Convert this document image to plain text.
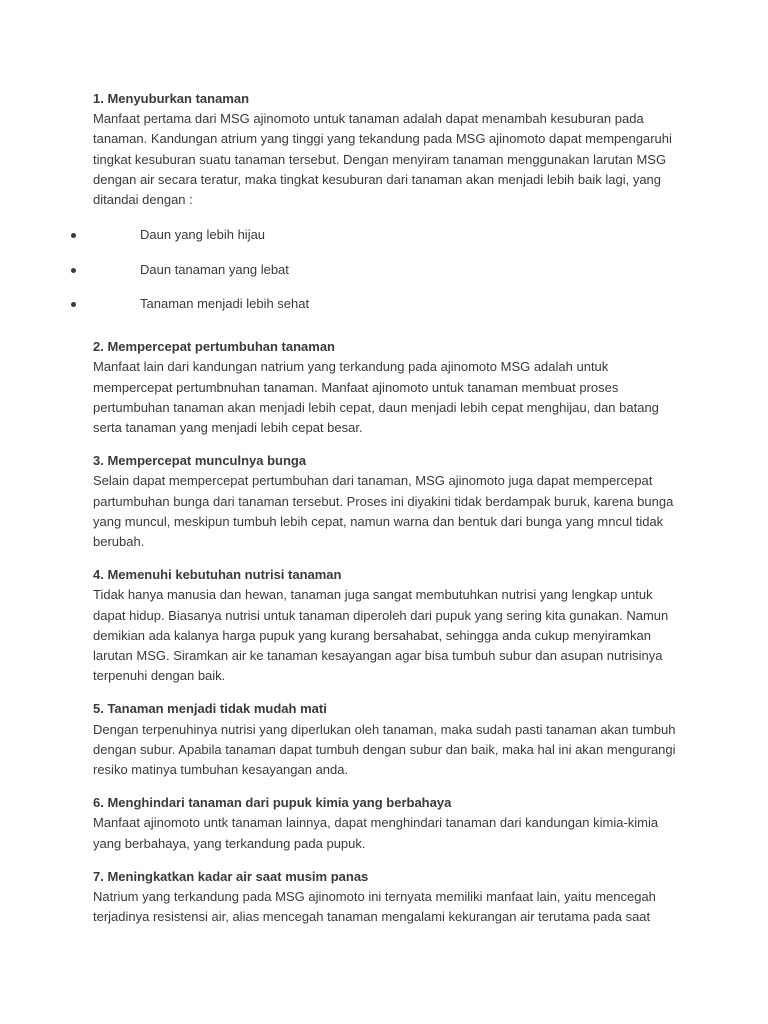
1. Menyuburkan tanaman
Manfaat pertama dari MSG ajinomoto untuk tanaman adalah dapat menambah kesuburan pada
tanaman. Kandungan atrium yang tinggi yang tekandung pada MSG ajinomoto dapat mempengaruhi
tingkat kesuburan suatu tanaman tersebut. Dengan menyiram tanaman menggunakan larutan MSG
dengan air secara teratur, maka tingkat kesuburan dari tanaman akan menjadi lebih baik lagi, yang
ditandai dengan :
Daun yang lebih hijau
Daun tanaman yang lebat
Tanaman menjadi lebih sehat
2. Mempercepat pertumbuhan tanaman
Manfaat lain dari kandungan natrium yang terkandung pada ajinomoto MSG adalah untuk
mempercepat pertumbnuhan tanaman. Manfaat ajinomoto untuk tanaman membuat proses
pertumbuhan tanaman akan menjadi lebih cepat, daun menjadi lebih cepat menghijau, dan batang
serta tanaman yang menjadi lebih cepat besar.
3. Mempercepat munculnya bunga
Selain dapat mempercepat pertumbuhan dari tanaman, MSG ajinomoto juga dapat mempercepat
partumbuhan bunga dari tanaman tersebut. Proses ini diyakini tidak berdampak buruk, karena bunga
yang muncul, meskipun tumbuh lebih cepat, namun warna dan bentuk dari bunga yang mncul tidak
berubah.
4. Memenuhi kebutuhan nutrisi tanaman
Tidak hanya manusia dan hewan, tanaman juga sangat membutuhkan nutrisi yang lengkap untuk
dapat hidup. Biasanya nutrisi untuk tanaman diperoleh dari pupuk yang sering kita gunakan. Namun
demikian ada kalanya harga pupuk yang kurang bersahabat, sehingga anda cukup menyiramkan
larutan MSG. Siramkan air ke tanaman kesayangan agar bisa tumbuh subur dan asupan nutrisinya
terpenuhi dengan baik.
5. Tanaman menjadi tidak mudah mati
Dengan terpenuhinya nutrisi yang diperlukan oleh tanaman, maka sudah pasti tanaman akan tumbuh
dengan subur. Apabila tanaman dapat tumbuh dengan subur dan baik, maka hal ini akan mengurangi
resiko matinya tumbuhan kesayangan anda.
6. Menghindari tanaman dari pupuk kimia yang berbahaya
Manfaat ajinomoto untk tanaman lainnya, dapat menghindari tanaman dari kandungan kimia-kimia
yang berbahaya, yang terkandung pada pupuk.
7. Meningkatkan kadar air saat musim panas
Natrium yang terkandung pada MSG ajinomoto ini ternyata memiliki manfaat lain, yaitu mencegah
terjadinya resistensi air, alias mencegah tanaman mengalami kekurangan air terutama pada saat
